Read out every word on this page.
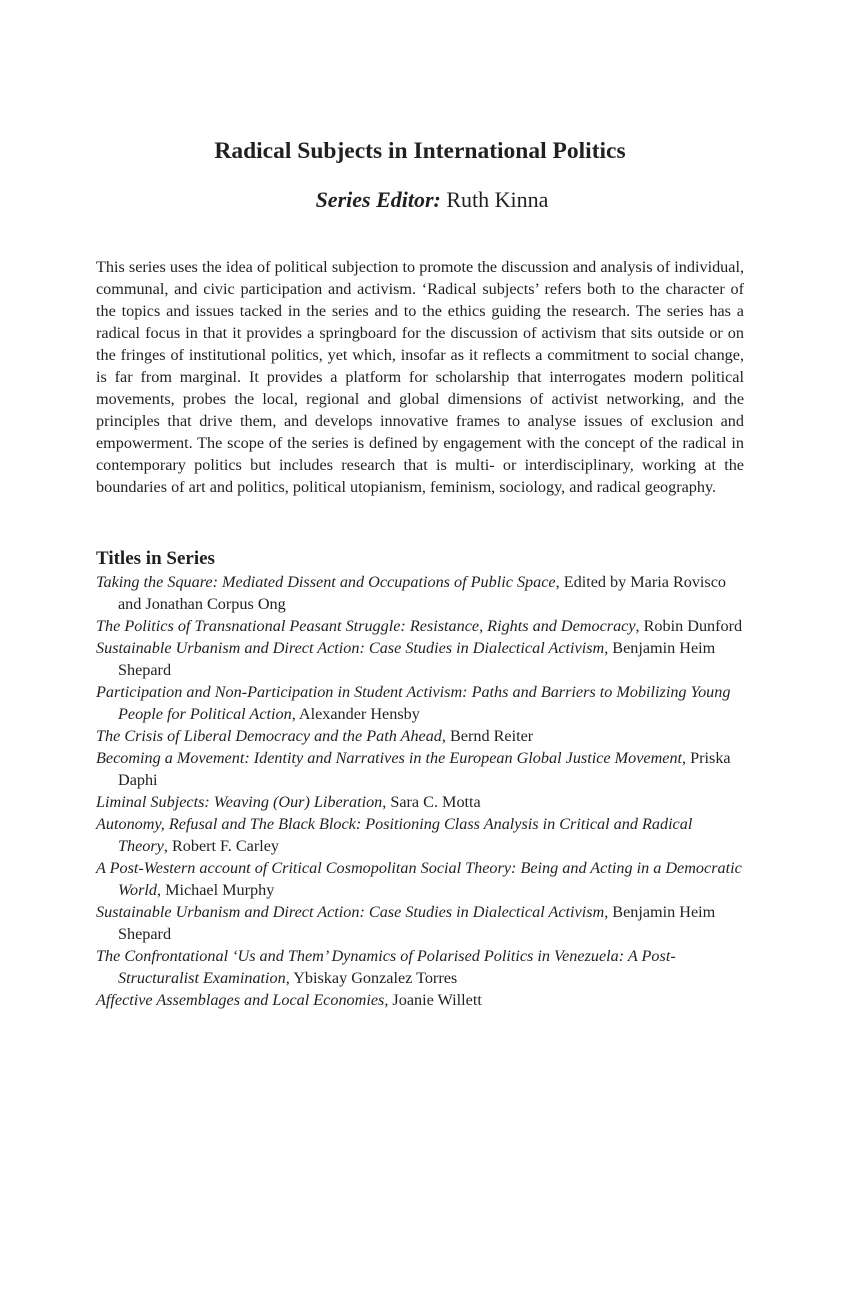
Radical Subjects in International Politics
Series Editor: Ruth Kinna

This series uses the idea of political subjection to promote the discussion and analysis of individual, communal, and civic participation and activism. ‘Radical subjects’ refers both to the character of the topics and issues tacked in the series and to the ethics guiding the research. The series has a radical focus in that it provides a springboard for the discussion of activism that sits outside or on the fringes of institutional politics, yet which, insofar as it reflects a commitment to social change, is far from marginal. It provides a platform for scholarship that interrogates modern political movements, probes the local, regional and global dimensions of activist networking, and the principles that drive them, and develops innovative frames to analyse issues of exclusion and empowerment. The scope of the series is defined by engagement with the concept of the radical in contemporary politics but includes research that is multi- or interdisciplinary, working at the boundaries of art and politics, political utopianism, feminism, sociology, and radical geography.

Titles in Series
Taking the Square: Mediated Dissent and Occupations of Public Space, Edited by Maria Rovisco and Jonathan Corpus Ong
The Politics of Transnational Peasant Struggle: Resistance, Rights and Democracy, Robin Dunford
Sustainable Urbanism and Direct Action: Case Studies in Dialectical Activism, Benjamin Heim Shepard
Participation and Non-Participation in Student Activism: Paths and Barriers to Mobilizing Young People for Political Action, Alexander Hensby
The Crisis of Liberal Democracy and the Path Ahead, Bernd Reiter
Becoming a Movement: Identity and Narratives in the European Global Justice Movement, Priska Daphi
Liminal Subjects: Weaving (Our) Liberation, Sara C. Motta
Autonomy, Refusal and The Black Block: Positioning Class Analysis in Critical and Radical Theory, Robert F. Carley
A Post-Western account of Critical Cosmopolitan Social Theory: Being and Acting in a Democratic World, Michael Murphy
Sustainable Urbanism and Direct Action: Case Studies in Dialectical Activism, Benjamin Heim Shepard
The Confrontational ‘Us and Them’ Dynamics of Polarised Politics in Venezuela: A Post-Structuralist Examination, Ybiskay Gonzalez Torres
Affective Assemblages and Local Economies, Joanie Willett
